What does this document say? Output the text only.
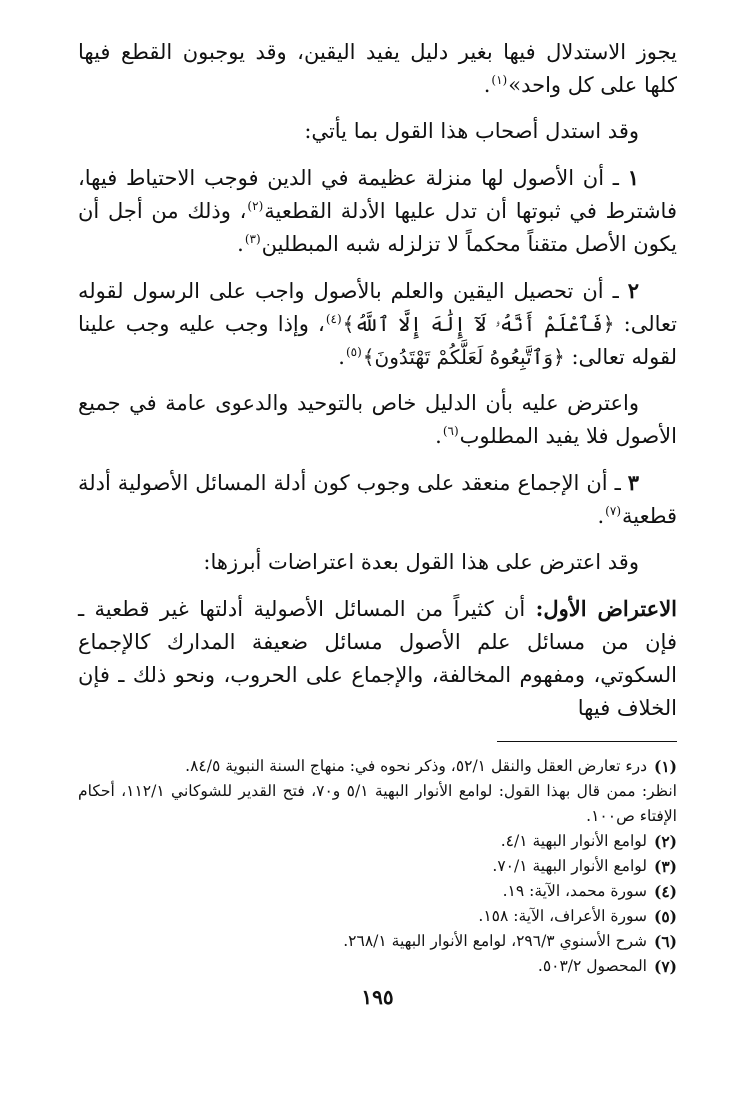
يجوز الاستدلال فيها بغير دليل يفيد اليقين، وقد يوجبون القطع فيها كلها على كل واحد»$^{(١)}$.

وقد استدل أصحاب هذا القول بما يأتي:

١ ـ أن الأصول لها منزلة عظيمة في الدين فوجب الاحتياط فيها، فاشترط في ثبوتها أن تدل عليها الأدلة القطعية$^{(٢)}$، وذلك من أجل أن يكون الأصل متقناً محكماً لا تزلزله شبه المبطلين$^{(٣)}$.

٢ ـ أن تحصيل اليقين والعلم بالأصول واجب على الرسول لقوله تعالى: ﴿فَٱعْلَمْ أَنَّهُۥ لَآ إِلَٰهَ إِلَّا ٱللَّهُ﴾$^{(٤)}$، وإذا وجب عليه وجب علينا لقوله تعالى: ﴿وَٱتَّبِعُوهُ لَعَلَّكُمْ تَهْتَدُونَ﴾$^{(٥)}$.

واعترض عليه بأن الدليل خاص بالتوحيد والدعوى عامة في جميع الأصول فلا يفيد المطلوب$^{(٦)}$.

٣ ـ أن الإجماع منعقد على وجوب كون أدلة المسائل الأصولية أدلة قطعية$^{(٧)}$.

وقد اعترض على هذا القول بعدة اعتراضات أبرزها:

الاعتراض الأول: أن كثيراً من المسائل الأصولية أدلتها غير قطعية ـ فإن من مسائل علم الأصول مسائل ضعيفة المدارك كالإجماع السكوتي، ومفهوم المخالفة، والإجماع على الحروب، ونحو ذلك ـ فإن الخلاف فيها

(١)
درء تعارض العقل والنقل ٥٢/١، وذكر نحوه في: منهاج السنة النبوية ٨٤/٥.
انظر: ممن قال بهذا القول: لوامع الأنوار البهية ٥/١ و٧٠، فتح القدير للشوكاني ١١٢/١، أحكام الإفتاء ص١٠٠.
(٢)
لوامع الأنوار البهية ٤/١.
(٣)
لوامع الأنوار البهية ٧٠/١.
(٤)
سورة محمد، الآية: ١٩.
(٥)
سورة الأعراف، الآية: ١٥٨.
(٦)
شرح الأسنوي ٢٩٦/٣، لوامع الأنوار البهية ٢٦٨/١.
(٧)
المحصول ٥٠٣/٢.
١٩٥
